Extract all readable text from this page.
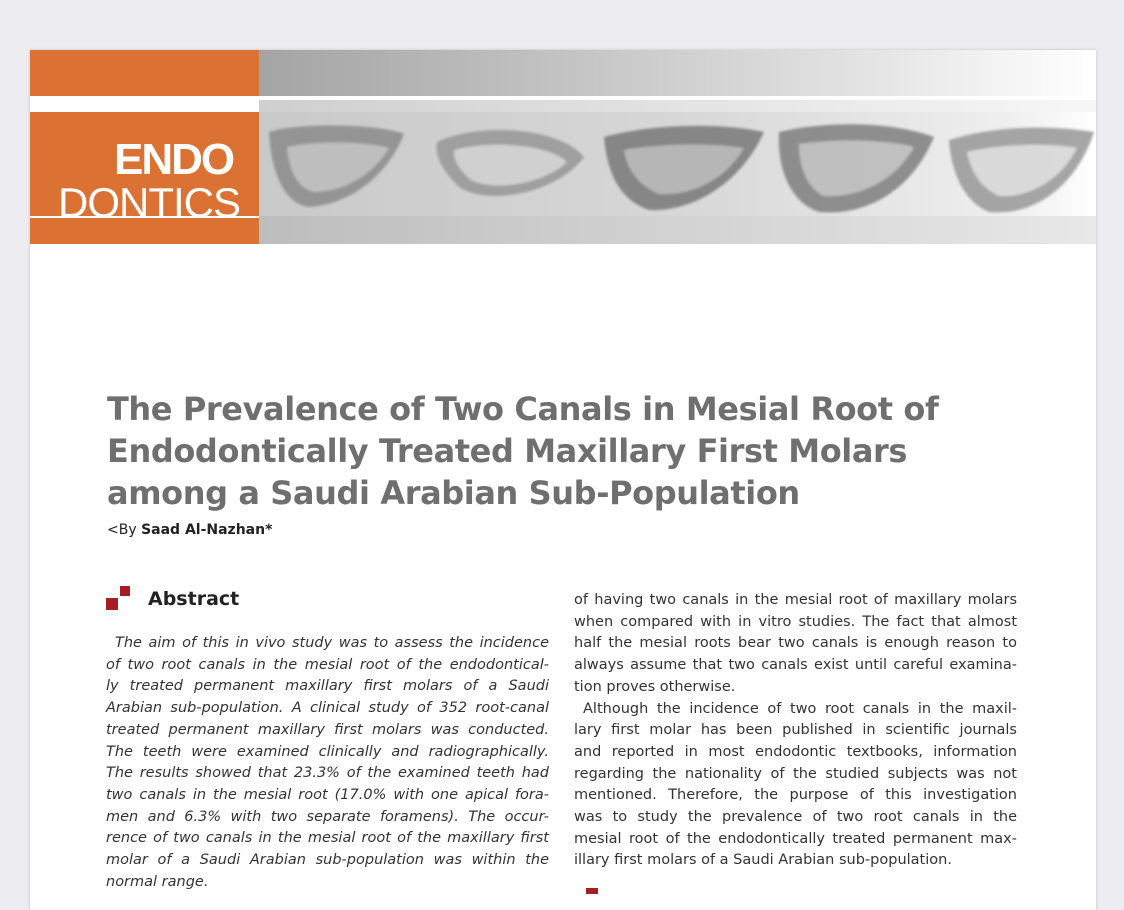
ENDO
DONTICS
The Prevalence of Two Canals in Mesial Root of
Endodontically Treated Maxillary First Molars
among a Saudi Arabian Sub-Population
<By Saad Al-Nazhan*
Abstract
The aim of this in vivo study was to assess the incidence
of two root canals in the mesial root of the endodontical-
ly treated permanent maxillary first molars of a Saudi
Arabian sub-population. A clinical study of 352 root-canal
treated permanent maxillary first molars was conducted.
The teeth were examined clinically and radiographically.
The results showed that 23.3% of the examined teeth had
two canals in the mesial root (17.0% with one apical fora-
men and 6.3% with two separate foramens). The occur-
rence of two canals in the mesial root of the maxillary first
molar of a Saudi Arabian sub-population was within the
normal range.
of having two canals in the mesial root of maxillary molars
when compared with in vitro studies. The fact that almost
half the mesial roots bear two canals is enough reason to
always assume that two canals exist until careful examina-
tion proves otherwise.
Although the incidence of two root canals in the maxil-
lary first molar has been published in scientific journals
and reported in most endodontic textbooks, information
regarding the nationality of the studied subjects was not
mentioned. Therefore, the purpose of this investigation
was to study the prevalence of two root canals in the
mesial root of the endodontically treated permanent max-
illary first molars of a Saudi Arabian sub-population.
